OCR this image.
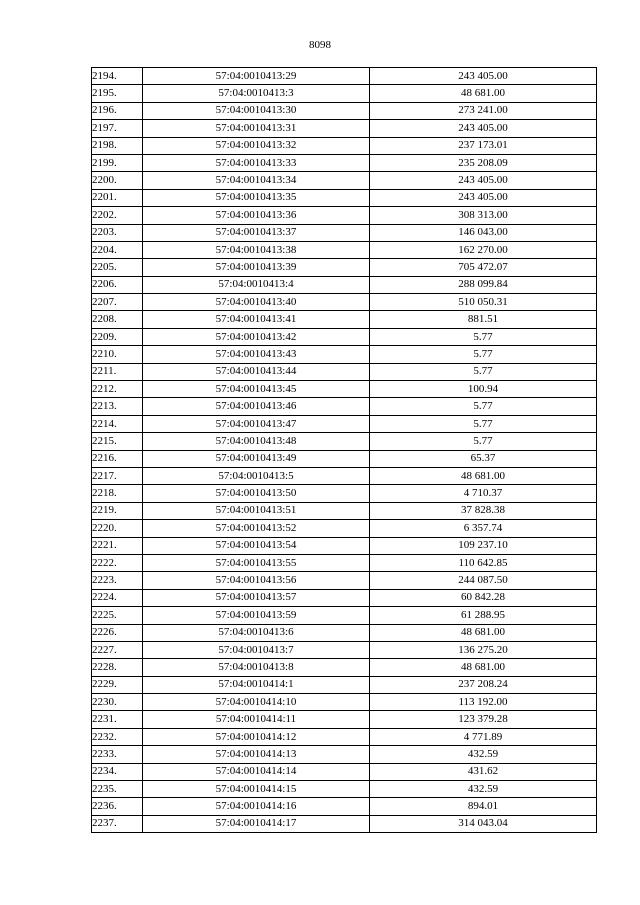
8098
2194.	57:04:0010413:29	243 405.00
2195.	57:04:0010413:3	48 681.00
2196.	57:04:0010413:30	273 241.00
2197.	57:04:0010413:31	243 405.00
2198.	57:04:0010413:32	237 173.01
2199.	57:04:0010413:33	235 208.09
2200.	57:04:0010413:34	243 405.00
2201.	57:04:0010413:35	243 405.00
2202.	57:04:0010413:36	308 313.00
2203.	57:04:0010413:37	146 043.00
2204.	57:04:0010413:38	162 270.00
2205.	57:04:0010413:39	705 472.07
2206.	57:04:0010413:4	288 099.84
2207.	57:04:0010413:40	510 050.31
2208.	57:04:0010413:41	881.51
2209.	57:04:0010413:42	5.77
2210.	57:04:0010413:43	5.77
2211.	57:04:0010413:44	5.77
2212.	57:04:0010413:45	100.94
2213.	57:04:0010413:46	5.77
2214.	57:04:0010413:47	5.77
2215.	57:04:0010413:48	5.77
2216.	57:04:0010413:49	65.37
2217.	57:04:0010413:5	48 681.00
2218.	57:04:0010413:50	4 710.37
2219.	57:04:0010413:51	37 828.38
2220.	57:04:0010413:52	6 357.74
2221.	57:04:0010413:54	109 237.10
2222.	57:04:0010413:55	110 642.85
2223.	57:04:0010413:56	244 087.50
2224.	57:04:0010413:57	60 842.28
2225.	57:04:0010413:59	61 288.95
2226.	57:04:0010413:6	48 681.00
2227.	57:04:0010413:7	136 275.20
2228.	57:04:0010413:8	48 681.00
2229.	57:04:0010414:1	237 208.24
2230.	57:04:0010414:10	113 192.00
2231.	57:04:0010414:11	123 379.28
2232.	57:04:0010414:12	4 771.89
2233.	57:04:0010414:13	432.59
2234.	57:04:0010414:14	431.62
2235.	57:04:0010414:15	432.59
2236.	57:04:0010414:16	894.01
2237.	57:04:0010414:17	314 043.04
